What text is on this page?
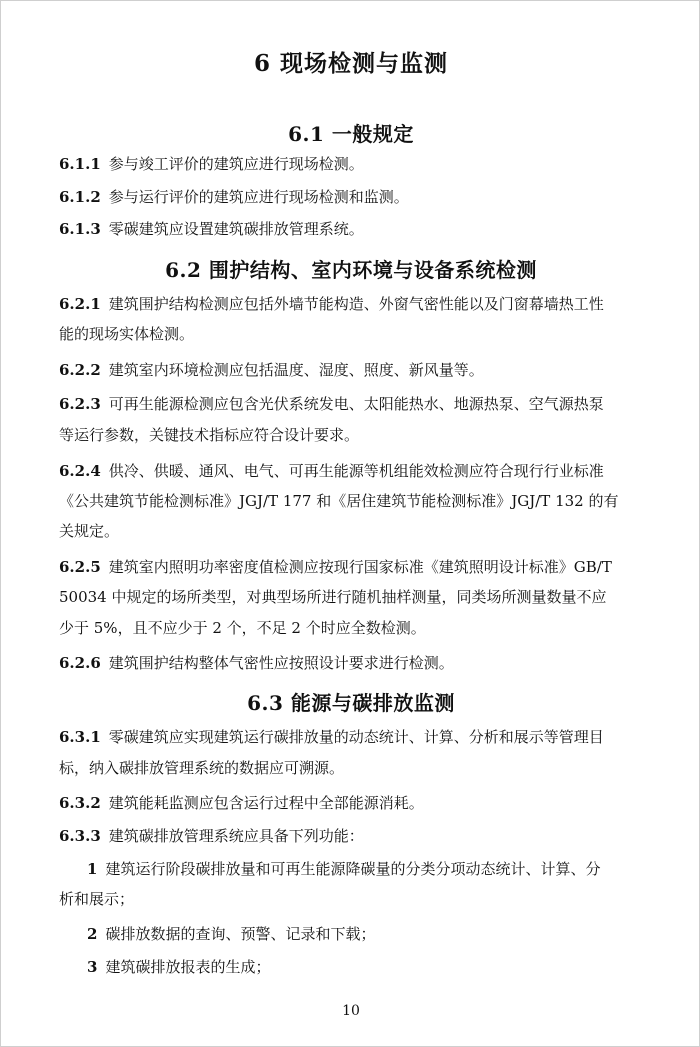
6 现场检测与监测
6.1 一般规定
6.1.1 参与竣工评价的建筑应进行现场检测。
6.1.2 参与运行评价的建筑应进行现场检测和监测。
6.1.3 零碳建筑应设置建筑碳排放管理系统。
6.2 围护结构、室内环境与设备系统检测
6.2.1 建筑围护结构检测应包括外墙节能构造、外窗气密性能以及门窗幕墙热工性
能的现场实体检测。
6.2.2 建筑室内环境检测应包括温度、湿度、照度、新风量等。
6.2.3 可再生能源检测应包含光伏系统发电、太阳能热水、地源热泵、空气源热泵
等运行参数，关键技术指标应符合设计要求。
6.2.4 供冷、供暖、通风、电气、可再生能源等机组能效检测应符合现行行业标准
《公共建筑节能检测标准》JGJ/T 177 和《居住建筑节能检测标准》JGJ/T 132 的有
关规定。
6.2.5 建筑室内照明功率密度值检测应按现行国家标准《建筑照明设计标准》GB/T
50034 中规定的场所类型，对典型场所进行随机抽样测量，同类场所测量数量不应
少于 5%，且不应少于 2 个，不足 2 个时应全数检测。
6.2.6 建筑围护结构整体气密性应按照设计要求进行检测。
6.3 能源与碳排放监测
6.3.1 零碳建筑应实现建筑运行碳排放量的动态统计、计算、分析和展示等管理目
标，纳入碳排放管理系统的数据应可溯源。
6.3.2 建筑能耗监测应包含运行过程中全部能源消耗。
6.3.3 建筑碳排放管理系统应具备下列功能：
1 建筑运行阶段碳排放量和可再生能源降碳量的分类分项动态统计、计算、分
析和展示；
2 碳排放数据的查询、预警、记录和下载；
3 建筑碳排放报表的生成；
10
